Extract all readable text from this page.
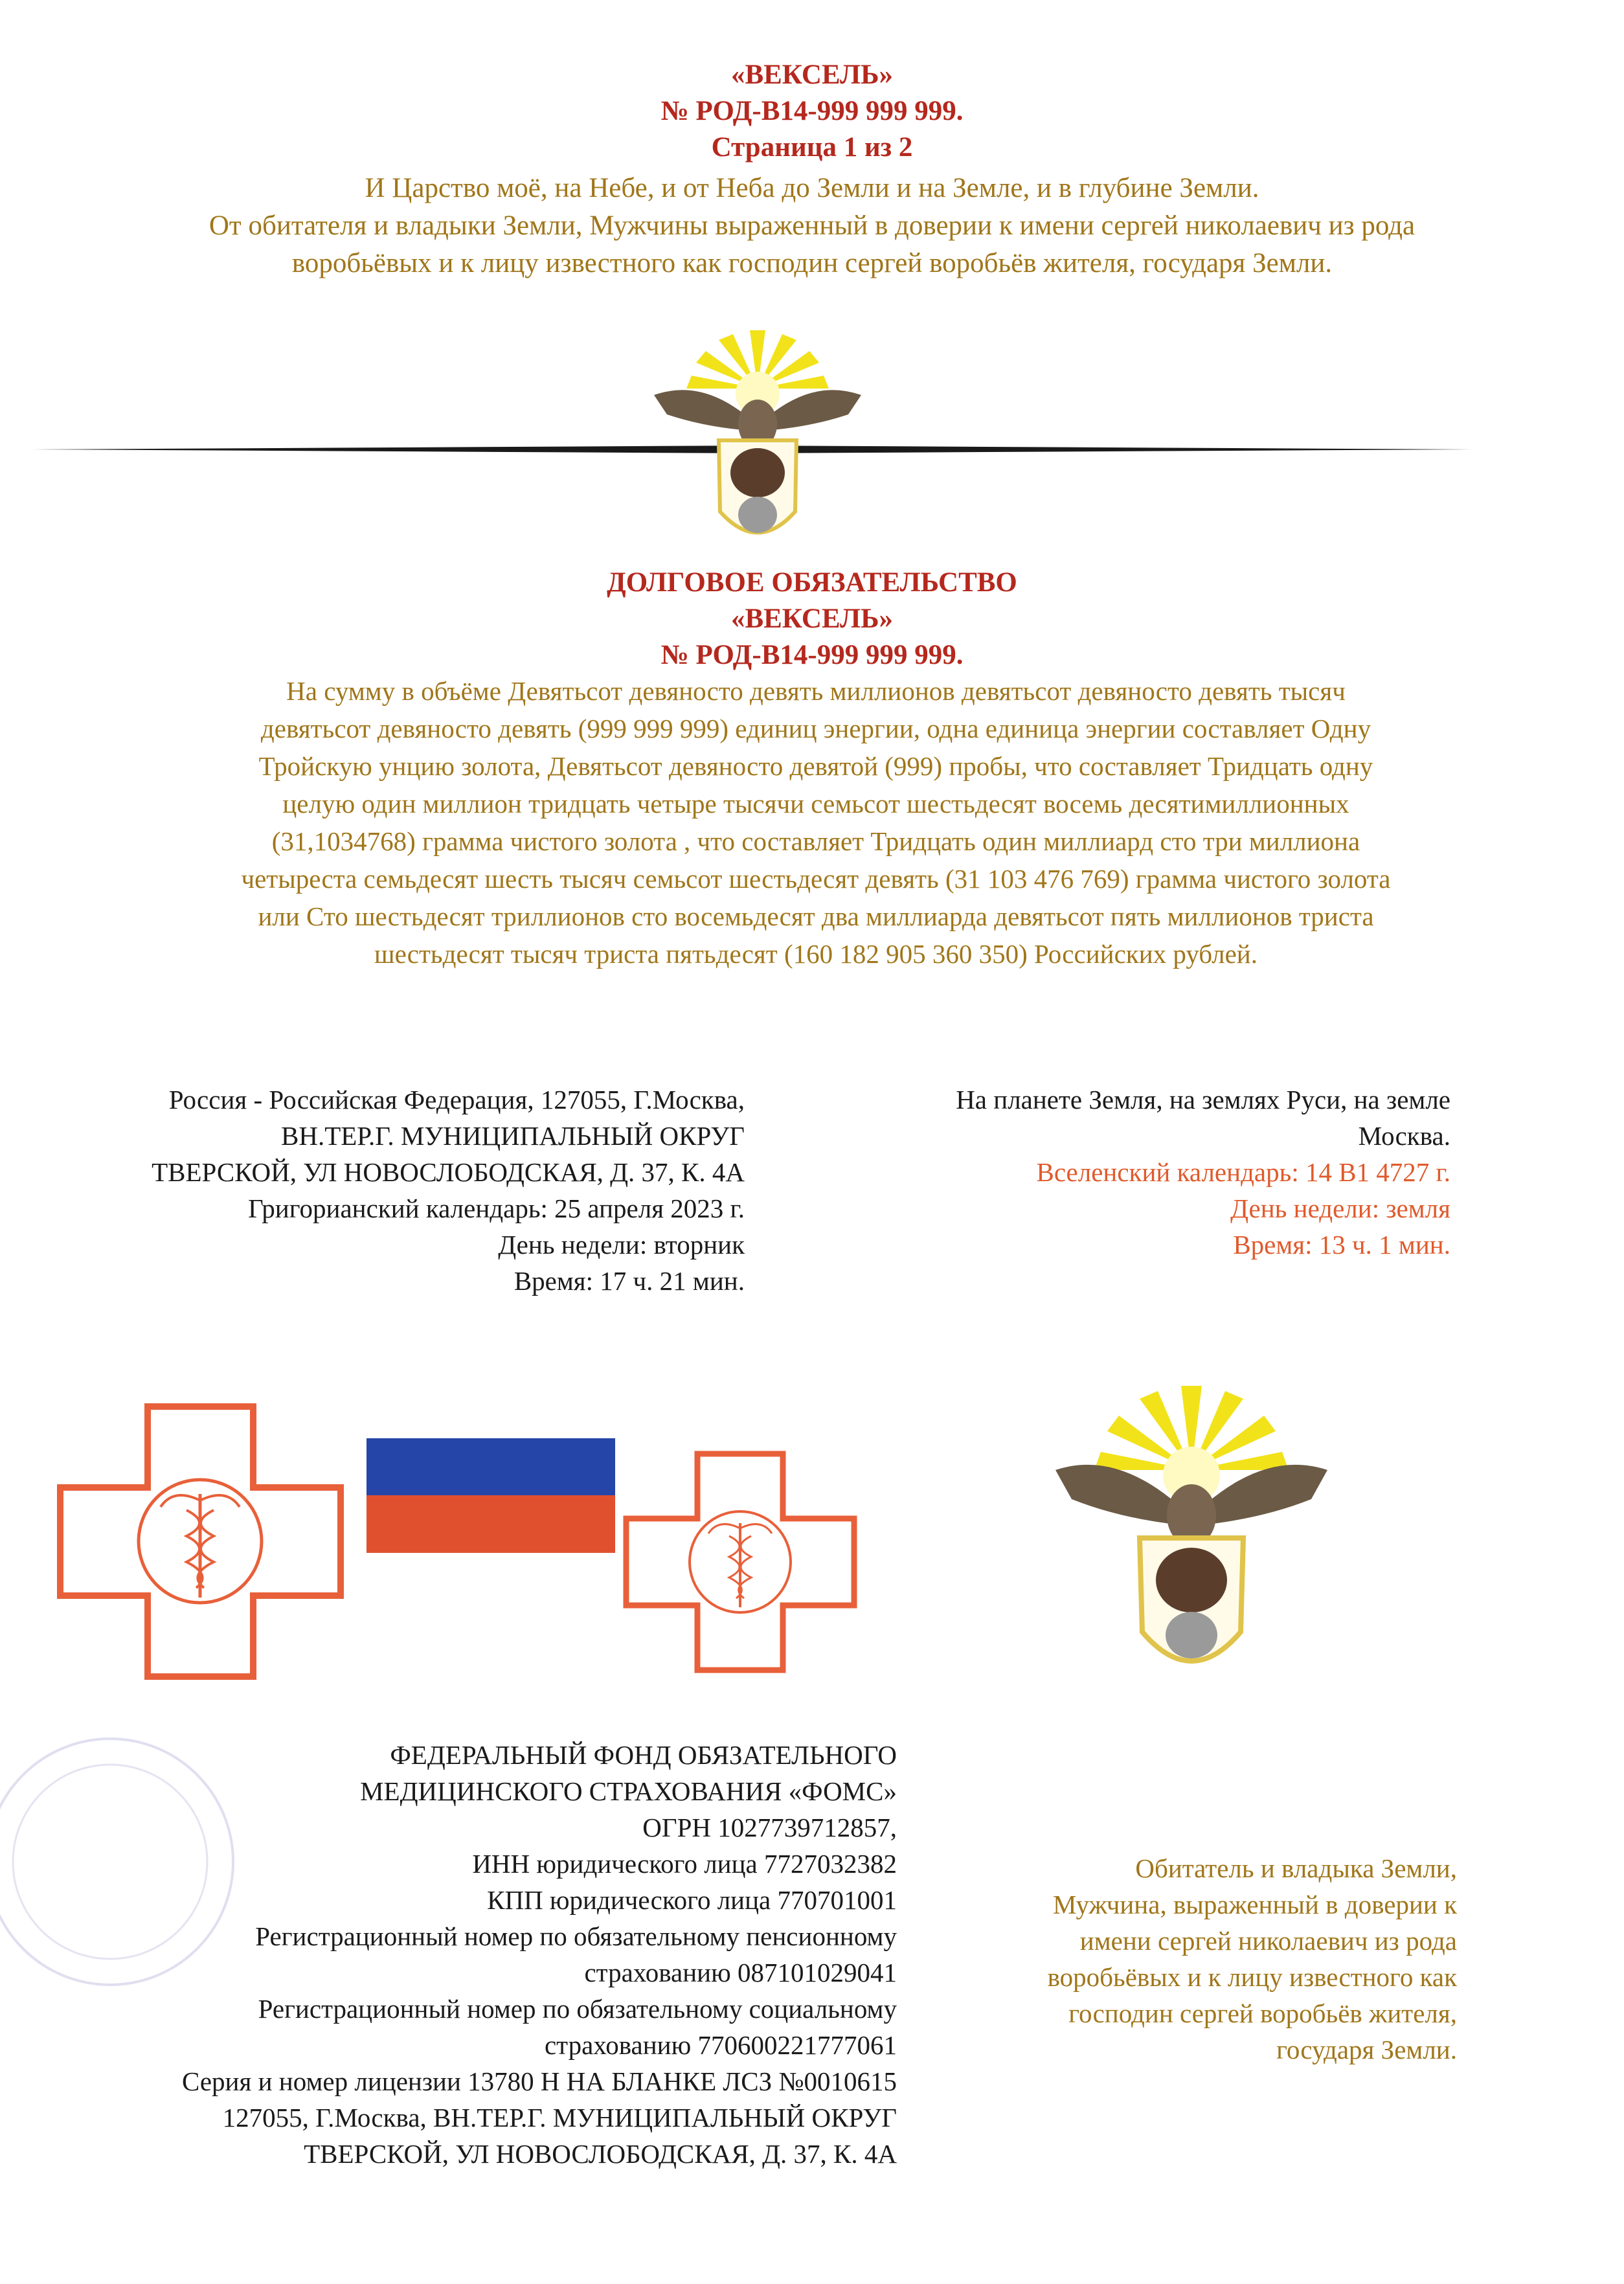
«ВЕКСЕЛЬ»
№ РОД-В14-999 999 999.
Страница 1 из 2
И Царство моё, на Небе, и от Неба до Земли и на Земле, и в глубине Земли.
От обитателя и владыки Земли, Мужчины выраженный в доверии к имени сергей николаевич из рода
воробьёвых и к лицу известного как господин сергей воробьёв жителя, государя Земли.
ДОЛГОВОЕ ОБЯЗАТЕЛЬСТВО
«ВЕКСЕЛЬ»
№ РОД-В14-999 999 999.
На сумму в объёме Девятьсот девяносто девять миллионов девятьсот девяносто девять тысяч
девятьсот девяносто девять (999 999 999) единиц энергии, одна единица энергии составляет Одну
Тройскую унцию золота, Девятьсот девяносто девятой (999) пробы, что составляет Тридцать одну
целую один миллион тридцать четыре тысячи семьсот шестьдесят восемь десятимиллионных
(31,1034768) грамма чистого золота , что составляет Тридцать один миллиард сто три миллиона
четыреста семьдесят шесть тысяч семьсот шестьдесят девять (31 103 476 769) грамма чистого золота
или Сто шестьдесят триллионов сто восемьдесят два миллиарда девятьсот пять миллионов триста
шестьдесят тысяч триста пятьдесят (160 182 905 360 350) Российских рублей.
Россия - Российская Федерация, 127055, Г.Москва,
ВН.ТЕР.Г. МУНИЦИПАЛЬНЫЙ ОКРУГ
ТВЕРСКОЙ, УЛ НОВОСЛОБОДСКАЯ, Д. 37, К. 4А
Григорианский календарь: 25 апреля 2023 г.
День недели: вторник
Время: 17 ч. 21 мин.
На планете Земля, на землях Руси, на земле
Москва.
Вселенский календарь: 14 В1 4727 г.
День недели: земля
Время: 13 ч. 1 мин.
ФЕДЕРАЛЬНЫЙ ФОНД ОБЯЗАТЕЛЬНОГО
МЕДИЦИНСКОГО СТРАХОВАНИЯ «ФОМС»
ОГРН 1027739712857,
ИНН юридического лица 7727032382
КПП юридического лица 770701001
Регистрационный номер по обязательному пенсионному
страхованию 087101029041
Регистрационный номер по обязательному социальному
страхованию 770600221777061
Серия и номер лицензии 13780 Н НА БЛАНКЕ ЛСЗ №0010615
127055, Г.Москва, ВН.ТЕР.Г. МУНИЦИПАЛЬНЫЙ ОКРУГ
ТВЕРСКОЙ, УЛ НОВОСЛОБОДСКАЯ, Д. 37, К. 4А
Обитатель и владыка Земли,
Мужчина, выраженный в доверии к
имени сергей николаевич из рода
воробьёвых и к лицу известного как
господин сергей воробьёв жителя,
государя Земли.
